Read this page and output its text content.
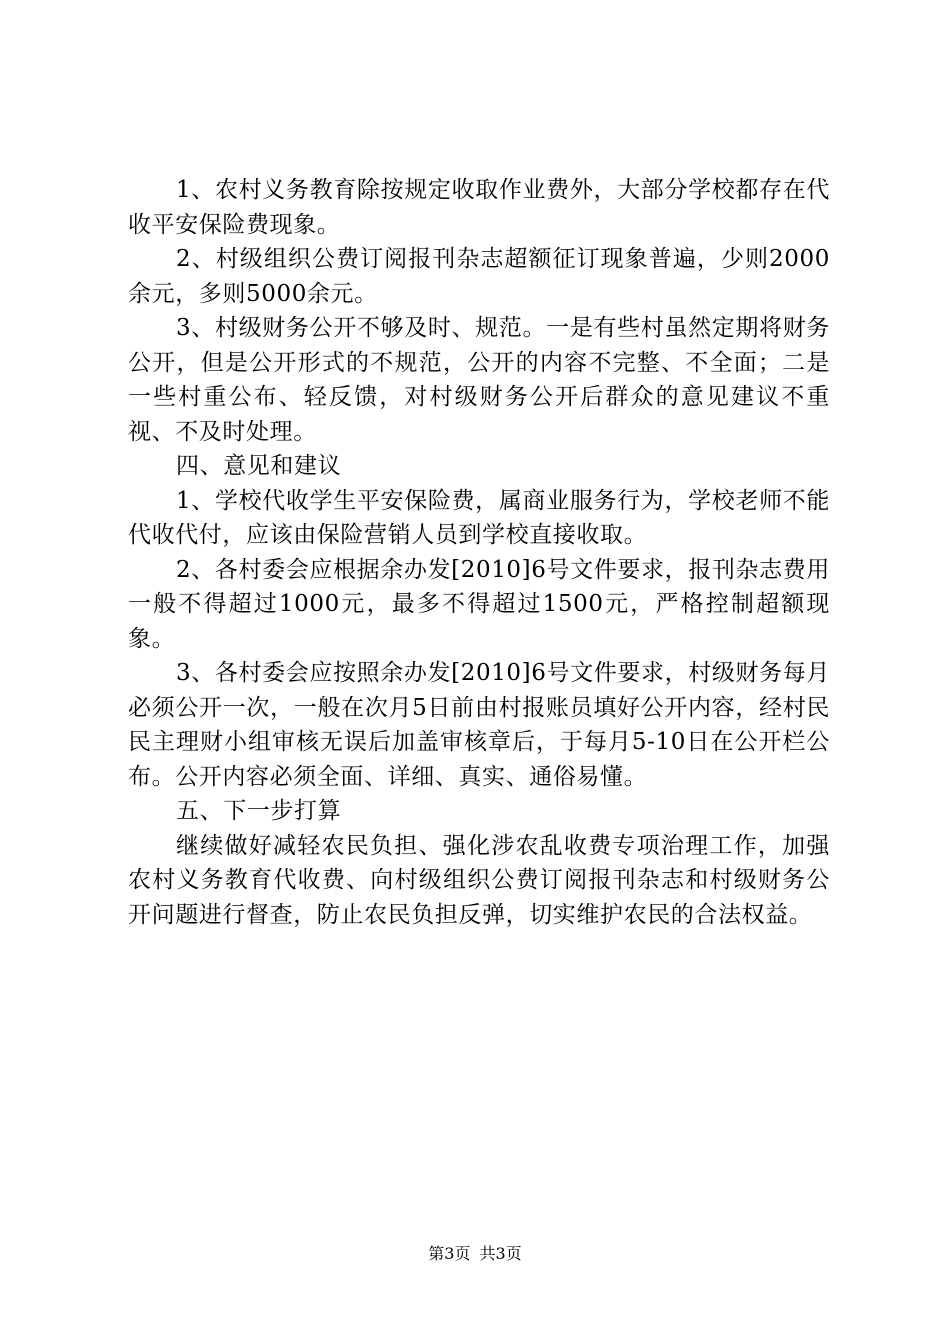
1、农村义务教育除按规定收取作业费外，大部分学校都存在代收平安保险费现象。

2、村级组织公费订阅报刊杂志超额征订现象普遍，少则2000余元，多则5000余元。

3、村级财务公开不够及时、规范。一是有些村虽然定期将财务公开，但是公开形式的不规范，公开的内容不完整、不全面；二是一些村重公布、轻反馈，对村级财务公开后群众的意见建议不重视、不及时处理。

四、意见和建议

1、学校代收学生平安保险费，属商业服务行为，学校老师不能代收代付，应该由保险营销人员到学校直接收取。

2、各村委会应根据余办发[2010]6号文件要求，报刊杂志费用一般不得超过1000元，最多不得超过1500元，严格控制超额现象。

3、各村委会应按照余办发[2010]6号文件要求，村级财务每月必须公开一次，一般在次月5日前由村报账员填好公开内容，经村民民主理财小组审核无误后加盖审核章后，于每月5-10日在公开栏公布。公开内容必须全面、详细、真实、通俗易懂。

五、下一步打算

继续做好减轻农民负担、强化涉农乱收费专项治理工作，加强农村义务教育代收费、向村级组织公费订阅报刊杂志和村级财务公开问题进行督查，防止农民负担反弹，切实维护农民的合法权益。

第3页 共3页
